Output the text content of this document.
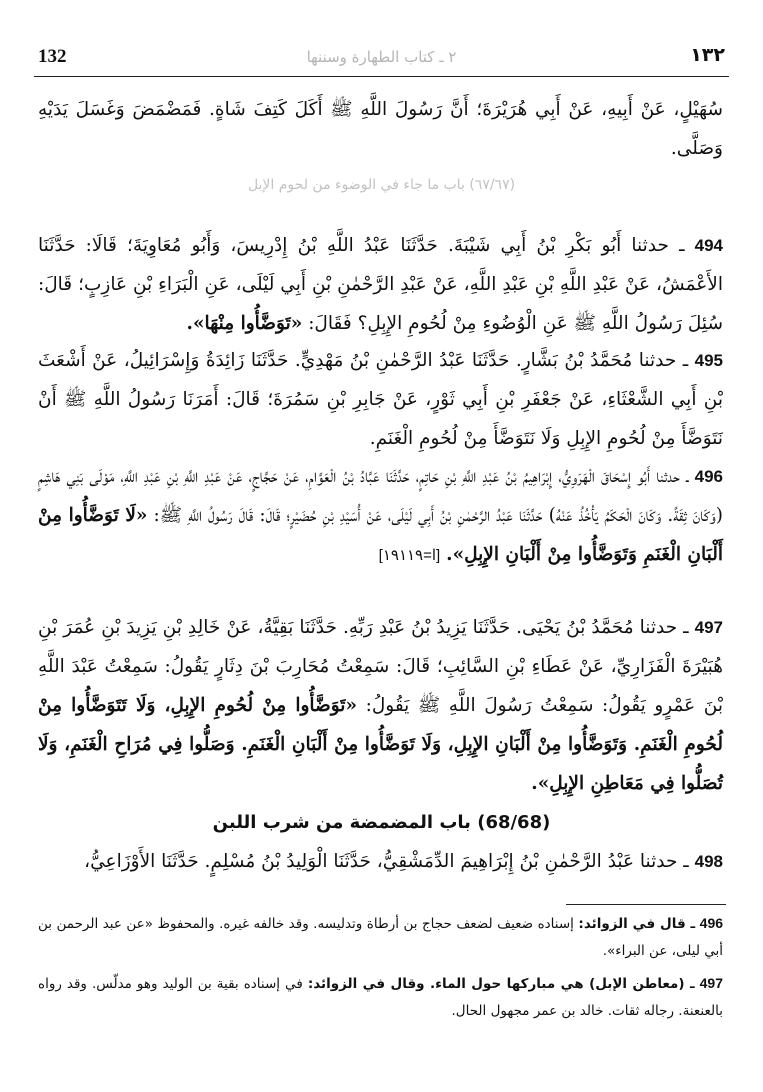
132	٢ ـ كتاب الطهارة وسننها	١٣٢
سُهَيْلٍ، عَنْ أَبِيهِ، عَنْ أَبِي هُرَيْرَةَ؛ أَنَّ رَسُولَ اللَّهِ ﷺ أَكَلَ كَتِفَ شَاةٍ. فَمَضْمَضَ وَغَسَلَ يَدَيْهِ وَصَلَّى.
(٦٧/٦٧) باب ما جاء في الوضوء من لحوم الإبل
494 ـ حدثنا أَبُو بَكْرِ بْنُ أَبِي شَيْبَةَ. حَدَّثَنَا عَبْدُ اللَّهِ بْنُ إِدْرِيسَ، وَأَبُو مُعَاوِيَةَ؛ قَالَا: حَدَّثَنَا الأَعْمَشُ، عَنْ عَبْدِ اللَّهِ بْنِ عَبْدِ اللَّهِ، عَنْ عَبْدِ الرَّحْمٰنِ بْنِ أَبِي لَيْلَى، عَنِ الْبَرَاءِ بْنِ عَازِبٍ؛ قَالَ: سُئِلَ رَسُولُ اللَّهِ ﷺ عَنِ الْوُضُوءِ مِنْ لُحُومِ الإِبِلِ؟ فَقَالَ: «تَوَضَّأُوا مِنْهَا».
495 ـ حدثنا مُحَمَّدُ بْنُ بَشَّارٍ. حَدَّثَنَا عَبْدُ الرَّحْمٰنِ بْنُ مَهْدِيٍّ. حَدَّثَنَا زَائِدَةُ وَإِسْرَائِيلُ، عَنْ أَشْعَثَ بْنِ أَبِي الشَّعْثَاءِ، عَنْ جَعْفَرِ بْنِ أَبِي ثَوْرٍ، عَنْ جَابِرِ بْنِ سَمُرَةَ؛ قَالَ: أَمَرَنَا رَسُولُ اللَّهِ ﷺ أَنْ نَتَوَضَّأَ مِنْ لُحُومِ الإِبِلِ وَلَا نَتَوَضَّأَ مِنْ لُحُومِ الْغَنَمِ.
496 ـ حدثنا أَبُو إِسْحَاقَ الْهَرَوِيُّ، إِبْرَاهِيمُ بْنُ عَبْدِ اللَّهِ بْنِ حَاتِمٍ، حَدَّثَنَا عَبَّادُ بْنُ الْعَوَّامِ، عَنْ حَجَّاجٍ، عَنْ عَبْدِ اللَّهِ بْنِ عَبْدِ اللَّهِ، مَوْلَى بَنِي هَاشِمٍ (وَكَانَ ثِقَةً. وَكَانَ الْحَكَمُ يَأْخُذُ عَنْهُ) حَدَّثَنَا عَبْدُ الرَّحْمٰنِ بْنُ أَبِي لَيْلَى، عَنْ أُسَيْدِ بْنِ حُضَيْرٍ؛ قَالَ: قَالَ رَسُولُ اللَّهِ ﷺ: «لَا تَوَضَّأُوا مِنْ أَلْبَانِ الْغَنَمِ وَتَوَضَّأُوا مِنْ أَلْبَانِ الإِبِلِ». [ا=١٩١١٩]
497 ـ حدثنا مُحَمَّدُ بْنُ يَحْيَى. حَدَّثَنَا يَزِيدُ بْنُ عَبْدِ رَبِّهِ. حَدَّثَنَا بَقِيَّةُ، عَنْ خَالِدِ بْنِ يَزِيدَ بْنِ عُمَرَ بْنِ هُبَيْرَةَ الْفَزَارِيِّ، عَنْ عَطَاءِ بْنِ السَّائِبِ؛ قَالَ: سَمِعْتُ مُحَارِبَ بْنَ دِثَارٍ يَقُولُ: سَمِعْتُ عَبْدَ اللَّهِ بْنَ عَمْرٍو يَقُولُ: سَمِعْتُ رَسُولَ اللَّهِ ﷺ يَقُولُ: «تَوَضَّأُوا مِنْ لُحُومِ الإِبِلِ، وَلَا تَتَوَضَّأُوا مِنْ لُحُومِ الْغَنَمِ. وَتَوَضَّأُوا مِنْ أَلْبَانِ الإِبِلِ، وَلَا تَوَضَّأُوا مِنْ أَلْبَانِ الْغَنَمِ. وَصَلُّوا فِي مُرَاحِ الْغَنَمِ، وَلَا تُصَلُّوا فِي مَعَاطِنِ الإِبِلِ».
(68/68) باب المضمضة من شرب اللبن
498 ـ حدثنا عَبْدُ الرَّحْمٰنِ بْنُ إِبْرَاهِيمَ الدِّمَشْقِيُّ، حَدَّثَنَا الْوَلِيدُ بْنُ مُسْلِمٍ. حَدَّثَنَا الأَوْزَاعِيُّ،
496 ـ قال في الزوائد: إسناده ضعيف لضعف حجاج بن أرطاة وتدليسه. وقد خالفه غيره. والمحفوظ «عن عبد الرحمن بن أبي ليلى، عن البراء».
497 ـ (معاطن الإبل) هي مباركها حول الماء. وقال في الزوائد: في إسناده بقية بن الوليد وهو مدلّس. وقد رواه بالعنعنة. رجاله ثقات. خالد بن عمر مجهول الحال.
